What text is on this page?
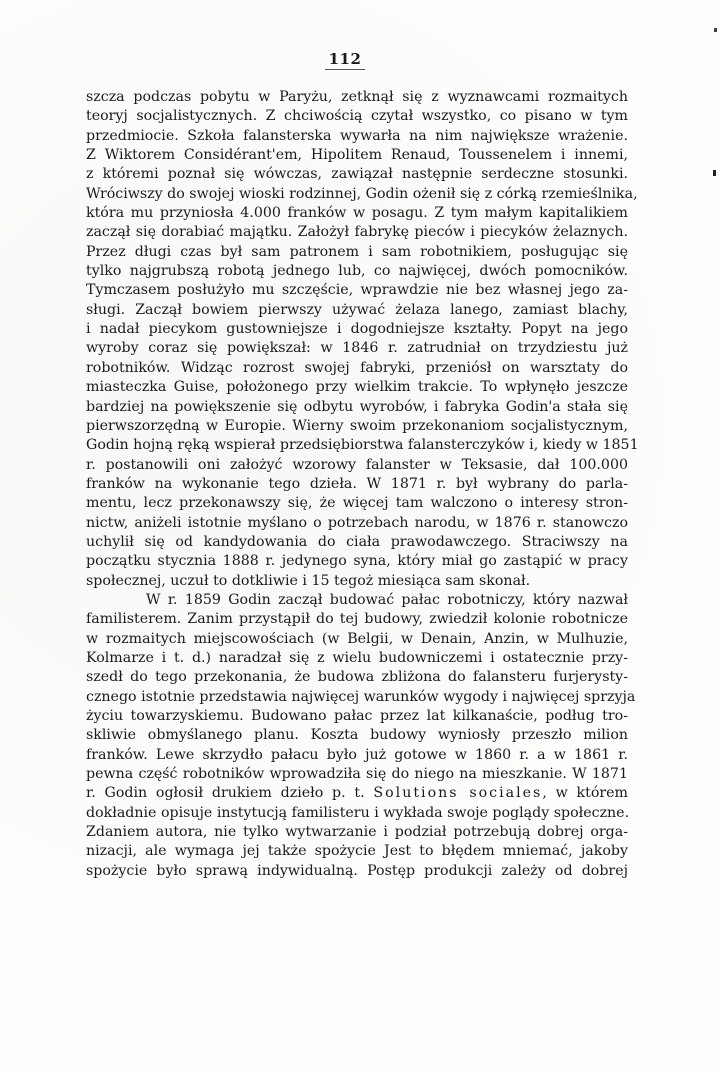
112
szcza podczas pobytu w Paryżu, zetknął się z wyznawcami rozmaitych
teoryj socjalistycznych. Z chciwością czytał wszystko, co pisano w tym
przedmiocie. Szkoła falansterska wywarła na nim największe wrażenie.
Z Wiktorem Considérant'em, Hipolitem Renaud, Toussenelem i innemi,
z któremi poznał się wówczas, zawiązał następnie serdeczne stosunki.
Wróciwszy do swojej wioski rodzinnej, Godin ożenił się z córką rzemieślnika,
która mu przyniosła 4.000 franków w posagu. Z tym małym kapitalikiem
zaczął się dorabiać majątku. Założył fabrykę pieców i piecyków żelaznych.
Przez długi czas był sam patronem i sam robotnikiem, posługując się
tylko najgrubszą robotą jednego lub, co najwięcej, dwóch pomocników.
Tymczasem posłużyło mu szczęście, wprawdzie nie bez własnej jego za-
sługi. Zaczął bowiem pierwszy używać żelaza lanego, zamiast blachy,
i nadał piecykom gustowniejsze i dogodniejsze kształty. Popyt na jego
wyroby coraz się powiększał: w 1846 r. zatrudniał on trzydziestu już
robotników. Widząc rozrost swojej fabryki, przeniósł on warsztaty do
miasteczka Guise, położonego przy wielkim trakcie. To wpłynęło jeszcze
bardziej na powiększenie się odbytu wyrobów, i fabryka Godin'a stała się
pierwszorzędną w Europie. Wierny swoim przekonaniom socjalistycznym,
Godin hojną ręką wspierał przedsiębiorstwa falansterczyków i, kiedy w 1851
r. postanowili oni założyć wzorowy falanster w Teksasie, dał 100.000
franków na wykonanie tego dzieła. W 1871 r. był wybrany do parla-
mentu, lecz przekonawszy się, że więcej tam walczono o interesy stron-
nictw, aniżeli istotnie myślano o potrzebach narodu, w 1876 r. stanowczo
uchylił się od kandydowania do ciała prawodawczego. Straciwszy na
początku stycznia 1888 r. jedynego syna, który miał go zastąpić w pracy
społecznej, uczuł to dotkliwie i 15 tegoż miesiąca sam skonał.
W r. 1859 Godin zaczął budować pałac robotniczy, który nazwał
familisterem. Zanim przystąpił do tej budowy, zwiedził kolonie robotnicze
w rozmaitych miejscowościach (w Belgii, w Denain, Anzin, w Mulhuzie,
Kolmarze i t. d.) naradzał się z wielu budowniczemi i ostatecznie przy-
szedł do tego przekonania, że budowa zbliżona do falansteru furjerysty-
cznego istotnie przedstawia najwięcej warunków wygody i najwięcej sprzyja
życiu towarzyskiemu. Budowano pałac przez lat kilkanaście, podług tro-
skliwie obmyślanego planu. Koszta budowy wyniosły przeszło milion
franków. Lewe skrzydło pałacu było już gotowe w 1860 r. a w 1861 r.
pewna część robotników wprowadziła się do niego na mieszkanie. W 1871
r. Godin ogłosił drukiem dzieło p. t. Solutions sociales, w którem
dokładnie opisuje instytucją familisteru i wykłada swoje poglądy społeczne.
Zdaniem autora, nie tylko wytwarzanie i podział potrzebują dobrej orga-
nizacji, ale wymaga jej także spożycie Jest to błędem mniemać, jakoby
spożycie było sprawą indywidualną. Postęp produkcji zależy od dobrej
